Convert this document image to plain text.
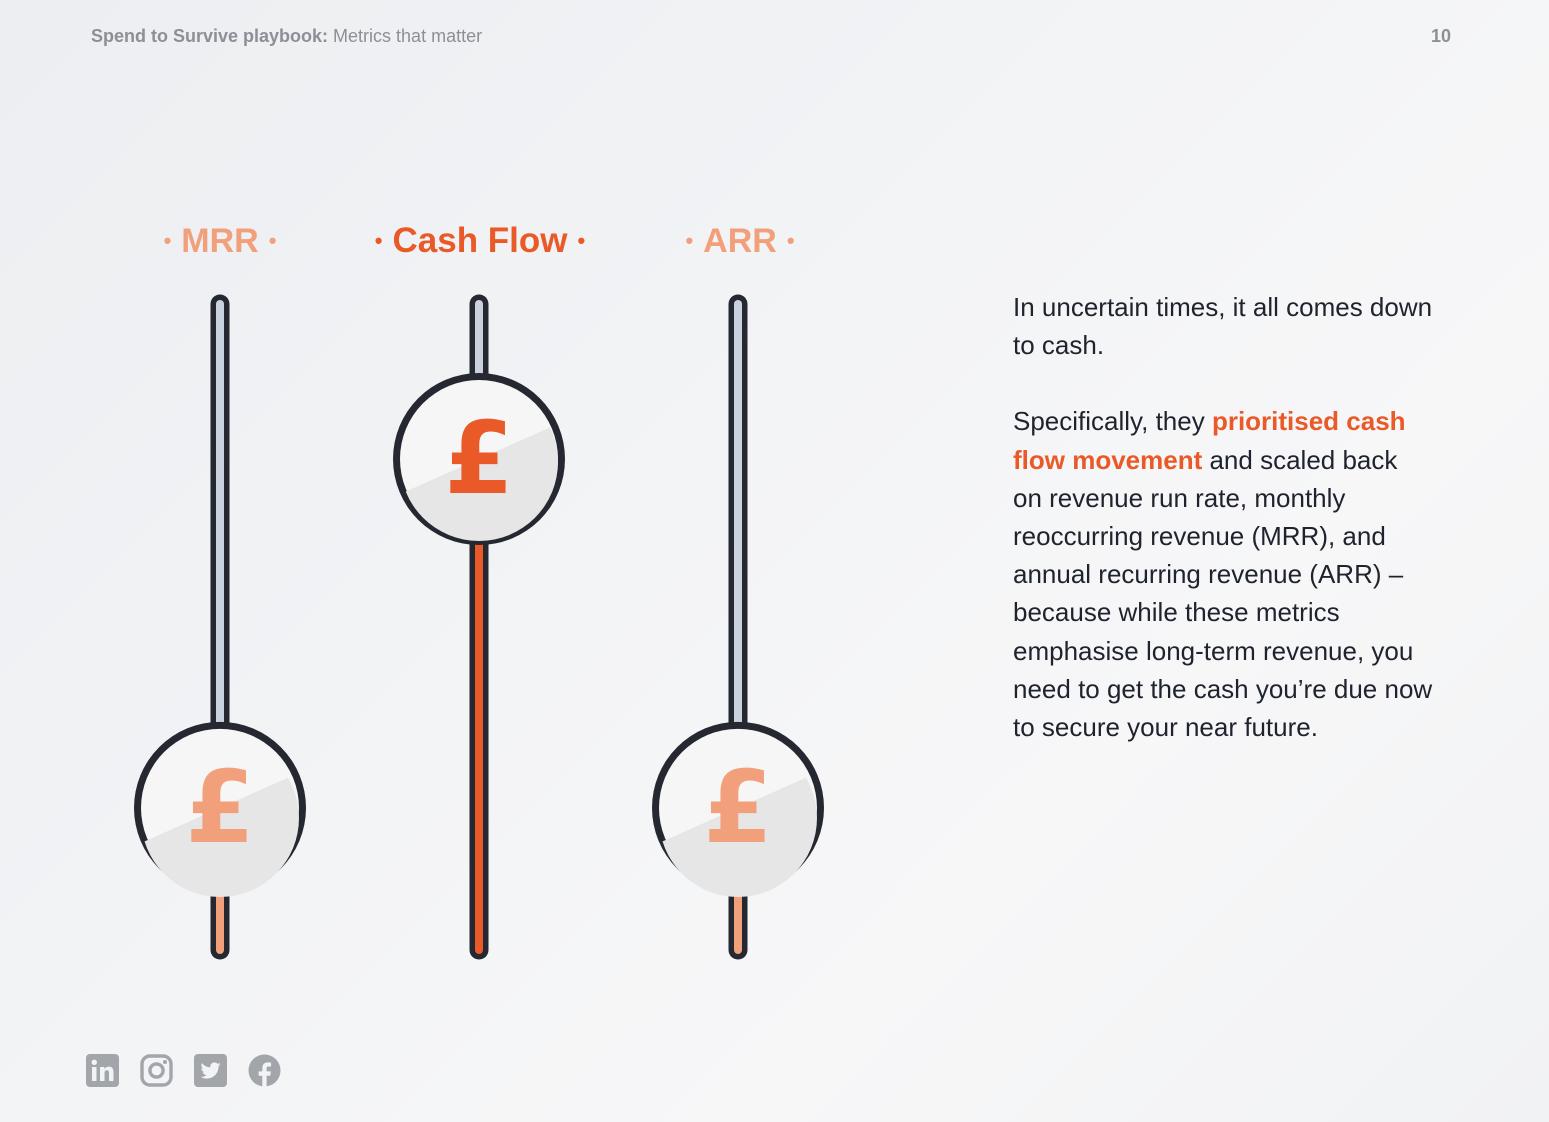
Spend to Survive playbook: Metrics that matter	10
• MRR •	• Cash Flow •	• ARR •
£
£
£

In uncertain times, it all comes down to cash.

Specifically, they prioritised cash flow movement and scaled back on revenue run rate, monthly reoccurring revenue (MRR), and annual recurring revenue (ARR) – because while these metrics emphasise long-term revenue, you need to get the cash you’re due now to secure your near future.
